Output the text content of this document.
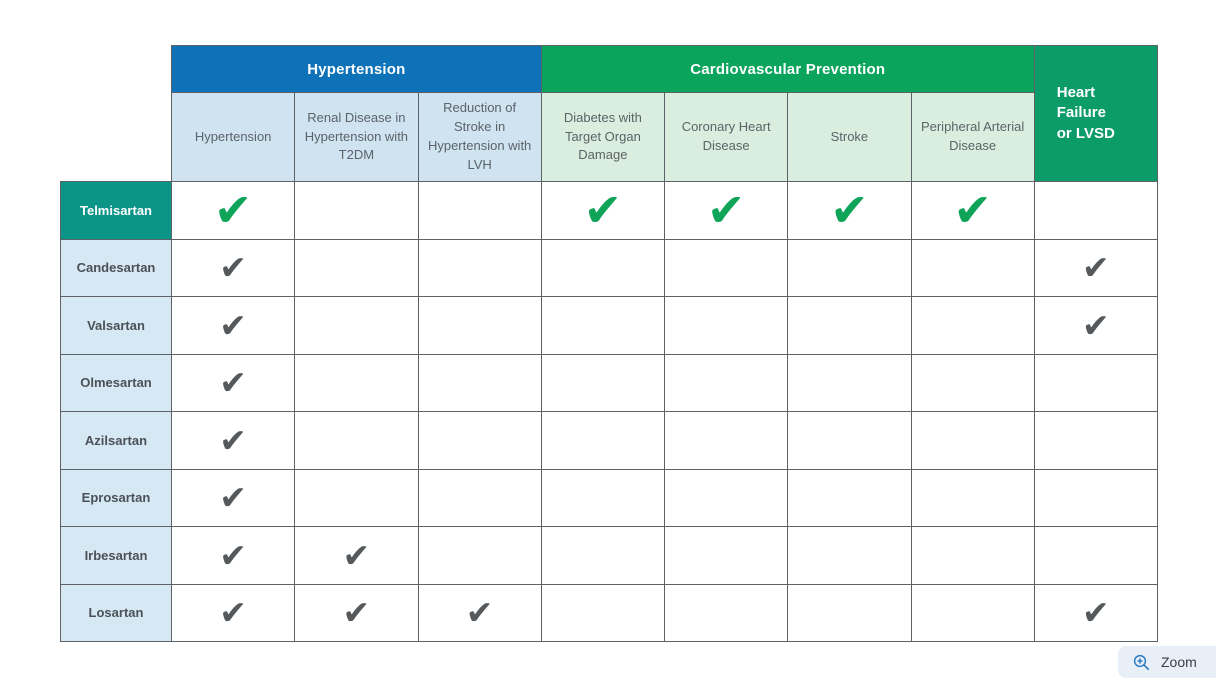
	Hypertension			Cardiovascular Prevention				Heart
Failure
or LVSD

	Hypertension	Renal Disease in Hypertension with T2DM	Reduction of Stroke in Hypertension with LVH	Diabetes with Target Organ Damage	Coronary Heart Disease	Stroke	Peripheral Arterial Disease	
Telmisartan	✔			✔	✔	✔	✔	
Candesartan	✔							✔
Valsartan	✔							✔
Olmesartan	✔							
Azilsartan	✔							
Eprosartan	✔							
Irbesartan	✔	✔						
Losartan	✔	✔	✔					✔
Zoom
